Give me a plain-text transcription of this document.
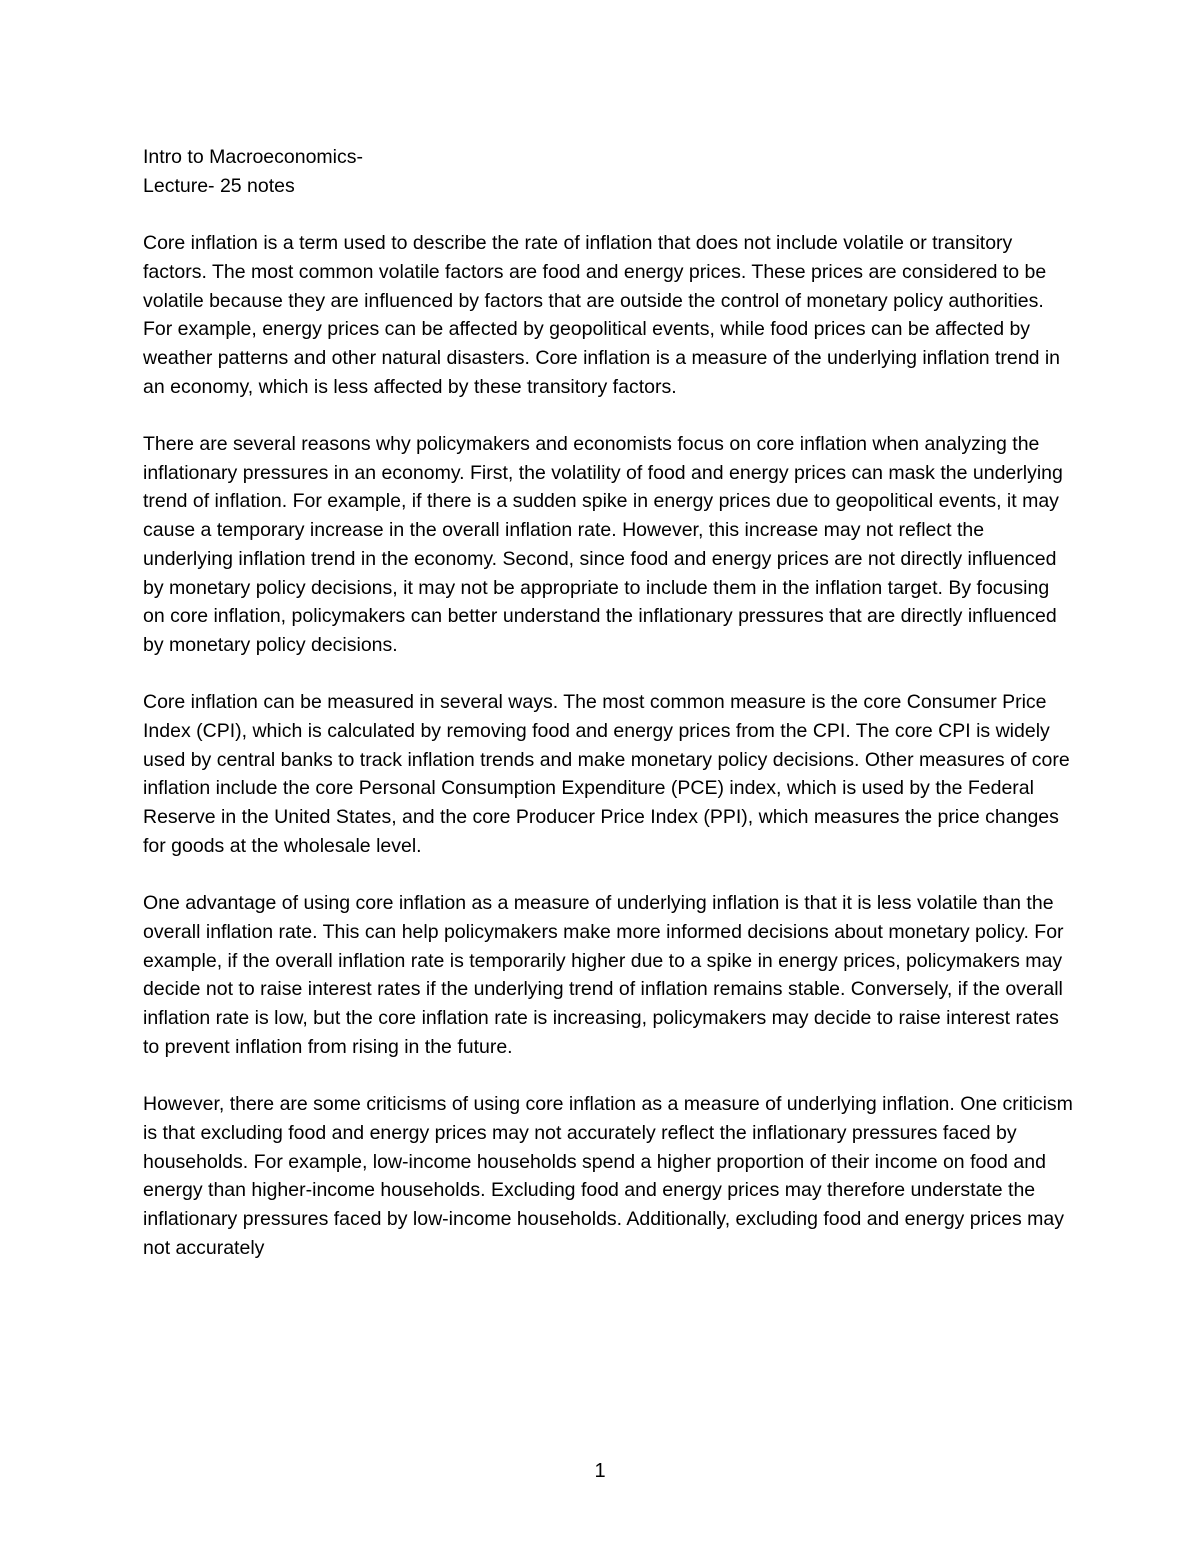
Intro to Macroeconomics-
Lecture- 25 notes

Core inflation is a term used to describe the rate of inflation that does not include volatile or transitory factors. The most common volatile factors are food and energy prices. These prices are considered to be volatile because they are influenced by factors that are outside the control of monetary policy authorities. For example, energy prices can be affected by geopolitical events, while food prices can be affected by weather patterns and other natural disasters. Core inflation is a measure of the underlying inflation trend in an economy, which is less affected by these transitory factors.

There are several reasons why policymakers and economists focus on core inflation when analyzing the inflationary pressures in an economy. First, the volatility of food and energy prices can mask the underlying trend of inflation. For example, if there is a sudden spike in energy prices due to geopolitical events, it may cause a temporary increase in the overall inflation rate. However, this increase may not reflect the underlying inflation trend in the economy. Second, since food and energy prices are not directly influenced by monetary policy decisions, it may not be appropriate to include them in the inflation target. By focusing on core inflation, policymakers can better understand the inflationary pressures that are directly influenced by monetary policy decisions.

Core inflation can be measured in several ways. The most common measure is the core Consumer Price Index (CPI), which is calculated by removing food and energy prices from the CPI. The core CPI is widely used by central banks to track inflation trends and make monetary policy decisions. Other measures of core inflation include the core Personal Consumption Expenditure (PCE) index, which is used by the Federal Reserve in the United States, and the core Producer Price Index (PPI), which measures the price changes for goods at the wholesale level.

One advantage of using core inflation as a measure of underlying inflation is that it is less volatile than the overall inflation rate. This can help policymakers make more informed decisions about monetary policy. For example, if the overall inflation rate is temporarily higher due to a spike in energy prices, policymakers may decide not to raise interest rates if the underlying trend of inflation remains stable. Conversely, if the overall inflation rate is low, but the core inflation rate is increasing, policymakers may decide to raise interest rates to prevent inflation from rising in the future.

However, there are some criticisms of using core inflation as a measure of underlying inflation. One criticism is that excluding food and energy prices may not accurately reflect the inflationary pressures faced by households. For example, low-income households spend a higher proportion of their income on food and energy than higher-income households. Excluding food and energy prices may therefore understate the inflationary pressures faced by low-income households. Additionally, excluding food and energy prices may not accurately

1
